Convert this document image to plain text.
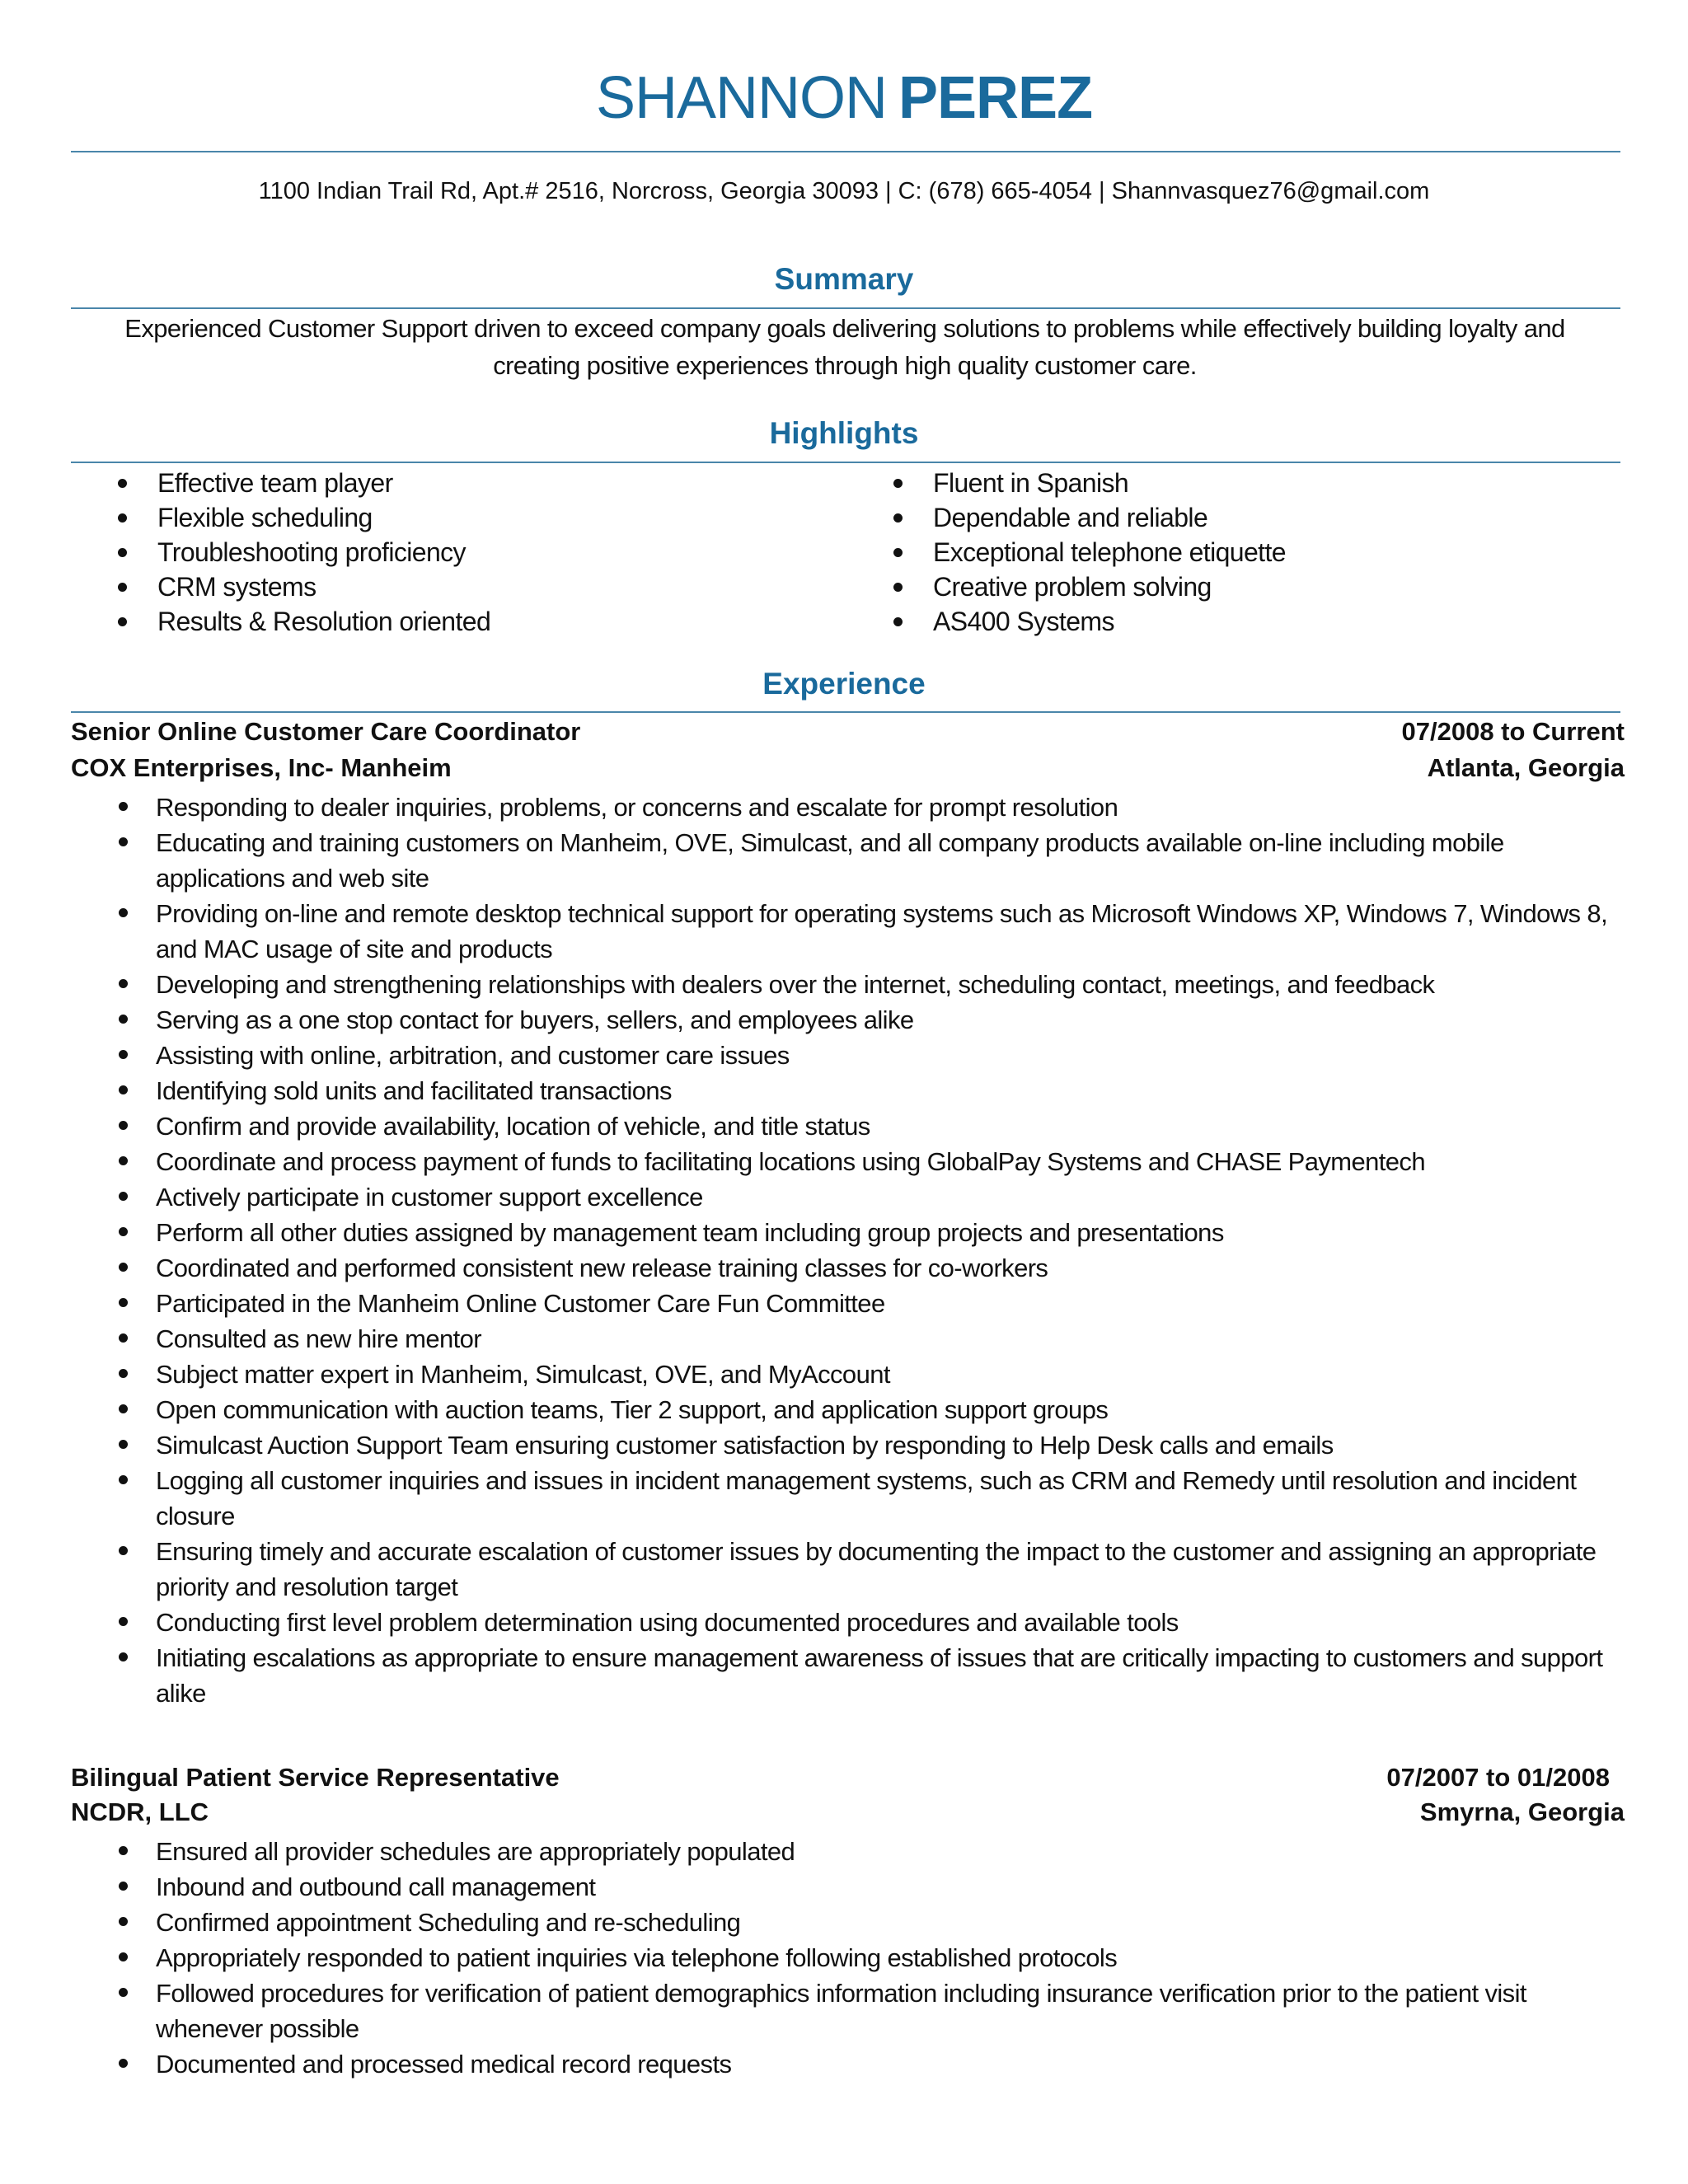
SHANNON PEREZ
1100 Indian Trail Rd, Apt.# 2516, Norcross, Georgia 30093 | C: (678) 665-4054 | Shannvasquez76@gmail.com
Summary
Experienced Customer Support driven to exceed company goals delivering solutions to problems while effectively building loyalty and creating positive experiences through high quality customer care.
Highlights
Effective team player
Flexible scheduling
Troubleshooting proficiency
CRM systems
Results & Resolution oriented
Fluent in Spanish
Dependable and reliable
Exceptional telephone etiquette
Creative problem solving
AS400 Systems
Experience
Senior Online Customer Care Coordinator	07/2008 to Current
COX Enterprises, Inc- Manheim	Atlanta, Georgia
Responding to dealer inquiries, problems, or concerns and escalate for prompt resolution
Educating and training customers on Manheim, OVE, Simulcast, and all company products available on-line including mobile applications and web site
Providing on-line and remote desktop technical support for operating systems such as Microsoft Windows XP, Windows 7, Windows 8, and MAC usage of site and products
Developing and strengthening relationships with dealers over the internet, scheduling contact, meetings, and feedback
Serving as a one stop contact for buyers, sellers, and employees alike
Assisting with online, arbitration, and customer care issues
Identifying sold units and facilitated transactions
Confirm and provide availability, location of vehicle, and title status
Coordinate and process payment of funds to facilitating locations using GlobalPay Systems and CHASE Paymentech
Actively participate in customer support excellence
Perform all other duties assigned by management team including group projects and presentations
Coordinated and performed consistent new release training classes for co-workers
Participated in the Manheim Online Customer Care Fun Committee
Consulted as new hire mentor
Subject matter expert in Manheim, Simulcast, OVE, and MyAccount
Open communication with auction teams, Tier 2 support, and application support groups
Simulcast Auction Support Team ensuring customer satisfaction by responding to Help Desk calls and emails
Logging all customer inquiries and issues in incident management systems, such as CRM and Remedy until resolution and incident closure
Ensuring timely and accurate escalation of customer issues by documenting the impact to the customer and assigning an appropriate priority and resolution target
Conducting first level problem determination using documented procedures and available tools
Initiating escalations as appropriate to ensure management awareness of issues that are critically impacting to customers and support alike
Bilingual Patient Service Representative	07/2007 to 01/2008
NCDR, LLC	Smyrna, Georgia
Ensured all provider schedules are appropriately populated
Inbound and outbound call management
Confirmed appointment Scheduling and re-scheduling
Appropriately responded to patient inquiries via telephone following established protocols
Followed procedures for verification of patient demographics information including insurance verification prior to the patient visit whenever possible
Documented and processed medical record requests
